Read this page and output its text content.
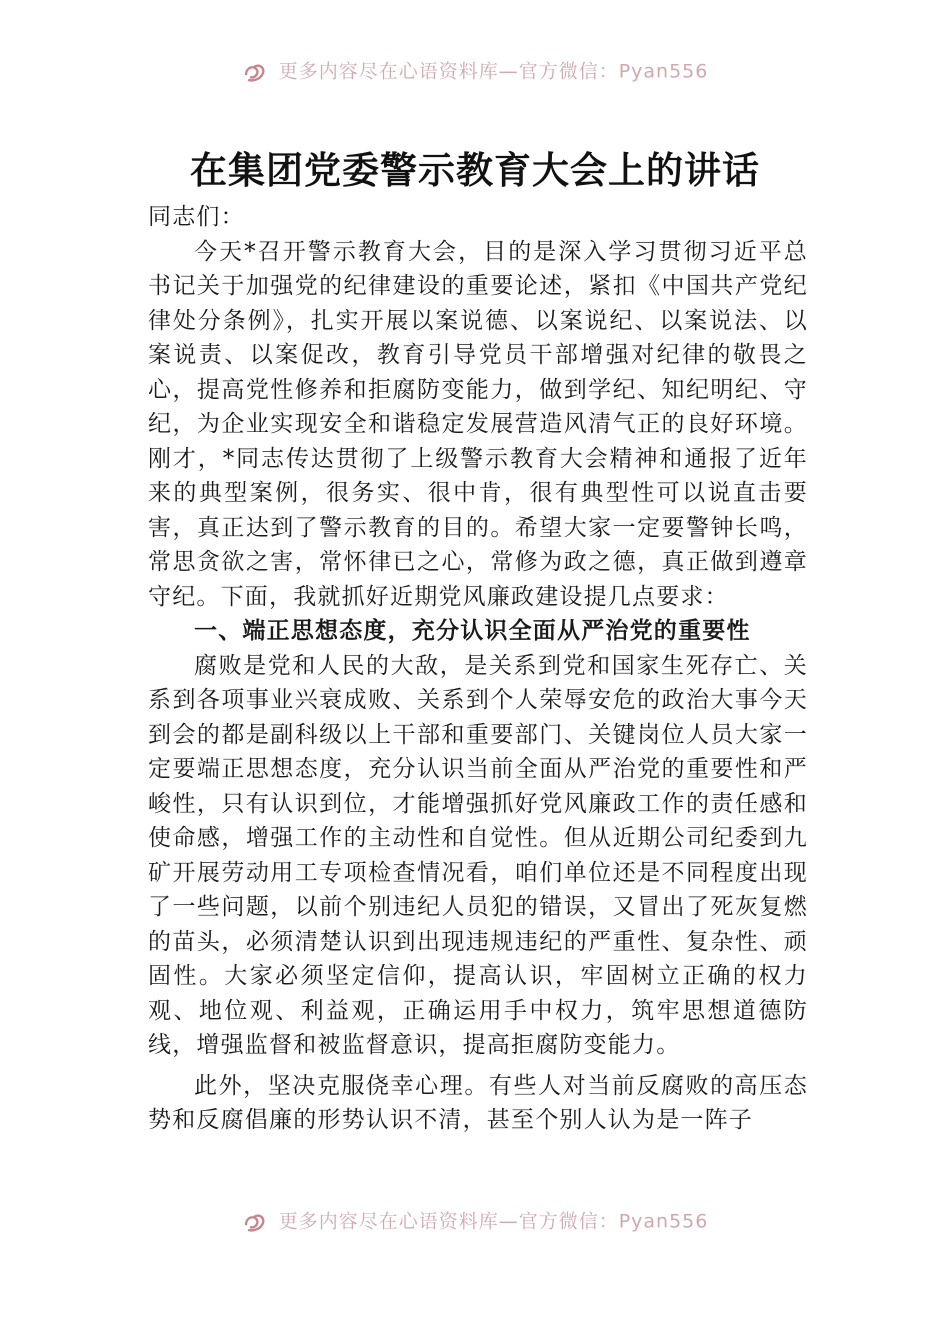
更多内容尽在心语资料库—官方微信：Pyan556
在集团党委警示教育大会上的讲话

同志们：

今天*召开警示教育大会，目的是深入学习贯彻习近平总书记关于加强党的纪律建设的重要论述，紧扣《中国共产党纪律处分条例》，扎实开展以案说德、以案说纪、以案说法、以案说责、以案促改，教育引导党员干部增强对纪律的敬畏之心，提高党性修养和拒腐防变能力，做到学纪、知纪明纪、守纪，为企业实现安全和谐稳定发展营造风清气正的良好环境。刚才，*同志传达贯彻了上级警示教育大会精神和通报了近年来的典型案例，很务实、很中肯，很有典型性可以说直击要害，真正达到了警示教育的目的。希望大家一定要警钟长鸣，常思贪欲之害，常怀律已之心，常修为政之德，真正做到遵章守纪。下面，我就抓好近期党风廉政建设提几点要求：

一、端正思想态度，充分认识全面从严治党的重要性

腐败是党和人民的大敌，是关系到党和国家生死存亡、关系到各项事业兴衰成败、关系到个人荣辱安危的政治大事今天到会的都是副科级以上干部和重要部门、关键岗位人员大家一定要端正思想态度，充分认识当前全面从严治党的重要性和严峻性，只有认识到位，才能增强抓好党风廉政工作的责任感和使命感，增强工作的主动性和自觉性。但从近期公司纪委到九矿开展劳动用工专项检查情况看，咱们单位还是不同程度出现了一些问题，以前个别违纪人员犯的错误，又冒出了死灰复燃的苗头，必须清楚认识到出现违规违纪的严重性、复杂性、顽固性。大家必须坚定信仰，提高认识，牢固树立正确的权力观、地位观、利益观，正确运用手中权力，筑牢思想道德防线，增强监督和被监督意识，提高拒腐防变能力。

此外，坚决克服侥幸心理。有些人对当前反腐败的高压态势和反腐倡廉的形势认识不清，甚至个别人认为是一阵子

更多内容尽在心语资料库—官方微信：Pyan556
